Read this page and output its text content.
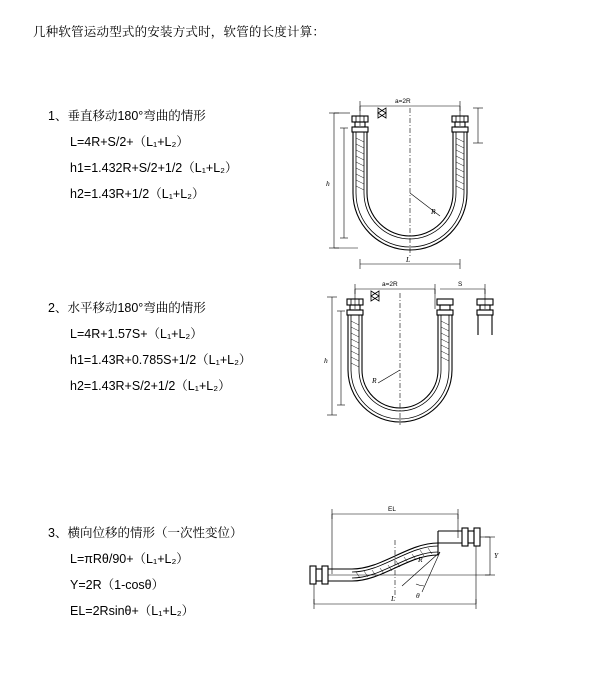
几种软管运动型式的安装方式时，软管的长度计算：
1、垂直移动180°弯曲的情形
L=4R+S/2+（L₁+L₂）
h1=1.432R+S/2+1/2（L₁+L₂）
h2=1.43R+1/2（L₁+L₂）
a=2R
h
R
L
2、水平移动180°弯曲的情形
L=4R+1.57S+（L₁+L₂）
h1=1.43R+0.785S+1/2（L₁+L₂）
h2=1.43R+S/2+1/2（L₁+L₂）
a=2R	S
h
R
3、横向位移的情形（一次性变位）
L=πRθ/90+（L₁+L₂）
Y=2R（1-cosθ）
EL=2Rsinθ+（L₁+L₂）
EL
θ
R	Y
L
